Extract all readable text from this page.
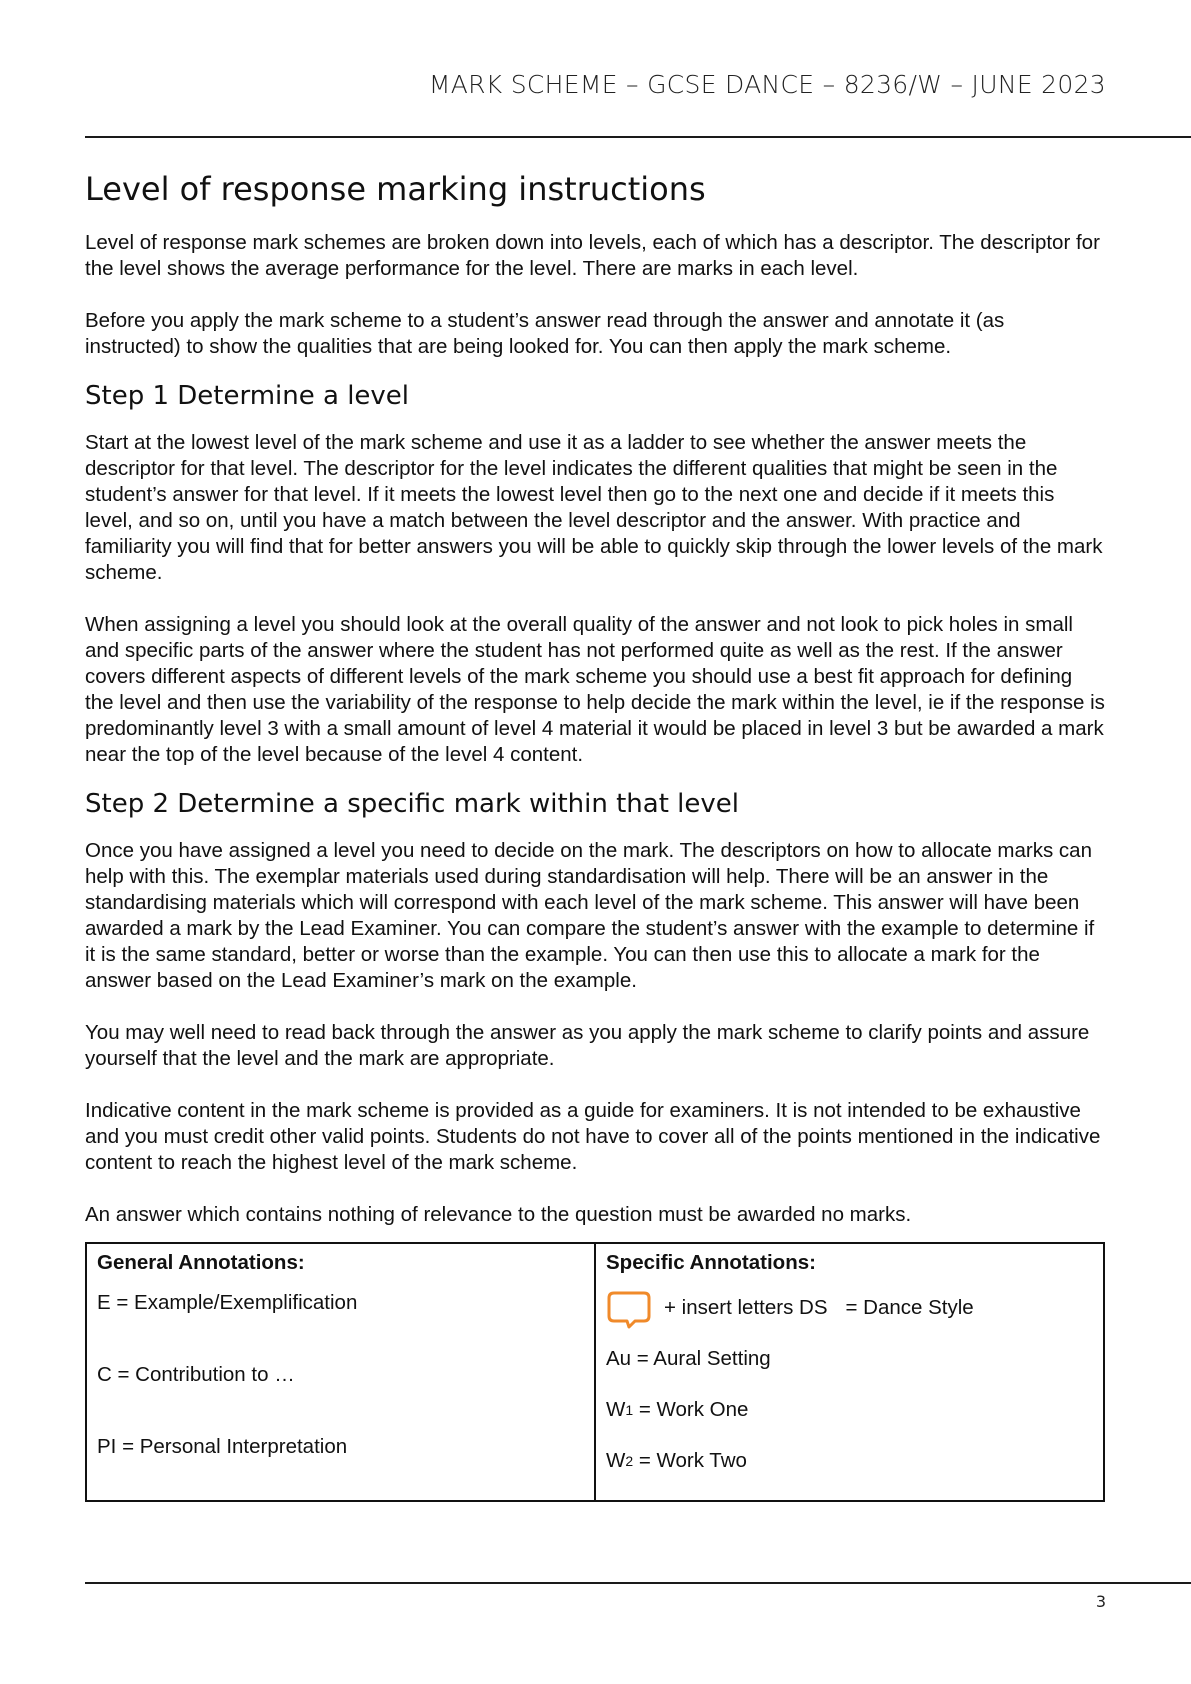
MARK SCHEME – GCSE DANCE – 8236/W – JUNE 2023
Level of response marking instructions

Level of response mark schemes are broken down into levels, each of which has a descriptor. The descriptor for the level shows the average performance for the level. There are marks in each level.

Before you apply the mark scheme to a student’s answer read through the answer and annotate it (as instructed) to show the qualities that are being looked for. You can then apply the mark scheme.

Step 1 Determine a level

Start at the lowest level of the mark scheme and use it as a ladder to see whether the answer meets the descriptor for that level. The descriptor for the level indicates the different qualities that might be seen in the student’s answer for that level. If it meets the lowest level then go to the next one and decide if it meets this level, and so on, until you have a match between the level descriptor and the answer. With practice and familiarity you will find that for better answers you will be able to quickly skip through the lower levels of the mark scheme.

When assigning a level you should look at the overall quality of the answer and not look to pick holes in small and specific parts of the answer where the student has not performed quite as well as the rest. If the answer covers different aspects of different levels of the mark scheme you should use a best fit approach for defining the level and then use the variability of the response to help decide the mark within the level, ie if the response is predominantly level 3 with a small amount of level 4 material it would be placed in level 3 but be awarded a mark near the top of the level because of the level 4 content.

Step 2 Determine a specific mark within that level

Once you have assigned a level you need to decide on the mark. The descriptors on how to allocate marks can help with this. The exemplar materials used during standardisation will help. There will be an answer in the standardising materials which will correspond with each level of the mark scheme. This answer will have been awarded a mark by the Lead Examiner. You can compare the student’s answer with the example to determine if it is the same standard, better or worse than the example. You can then use this to allocate a mark for the answer based on the Lead Examiner’s mark on the example.

You may well need to read back through the answer as you apply the mark scheme to clarify points and assure yourself that the level and the mark are appropriate.

Indicative content in the mark scheme is provided as a guide for examiners. It is not intended to be exhaustive and you must credit other valid points. Students do not have to cover all of the points mentioned in the indicative content to reach the highest level of the mark scheme.

An answer which contains nothing of relevance to the question must be awarded no marks.

General Annotations:
E = Example/Exemplification
C = Contribution to …
PI = Personal Interpretation

Specific Annotations:
+ insert letters DS = Dance Style
Au = Aural Setting
W 1 = Work One
W 2 = Work Two
3
